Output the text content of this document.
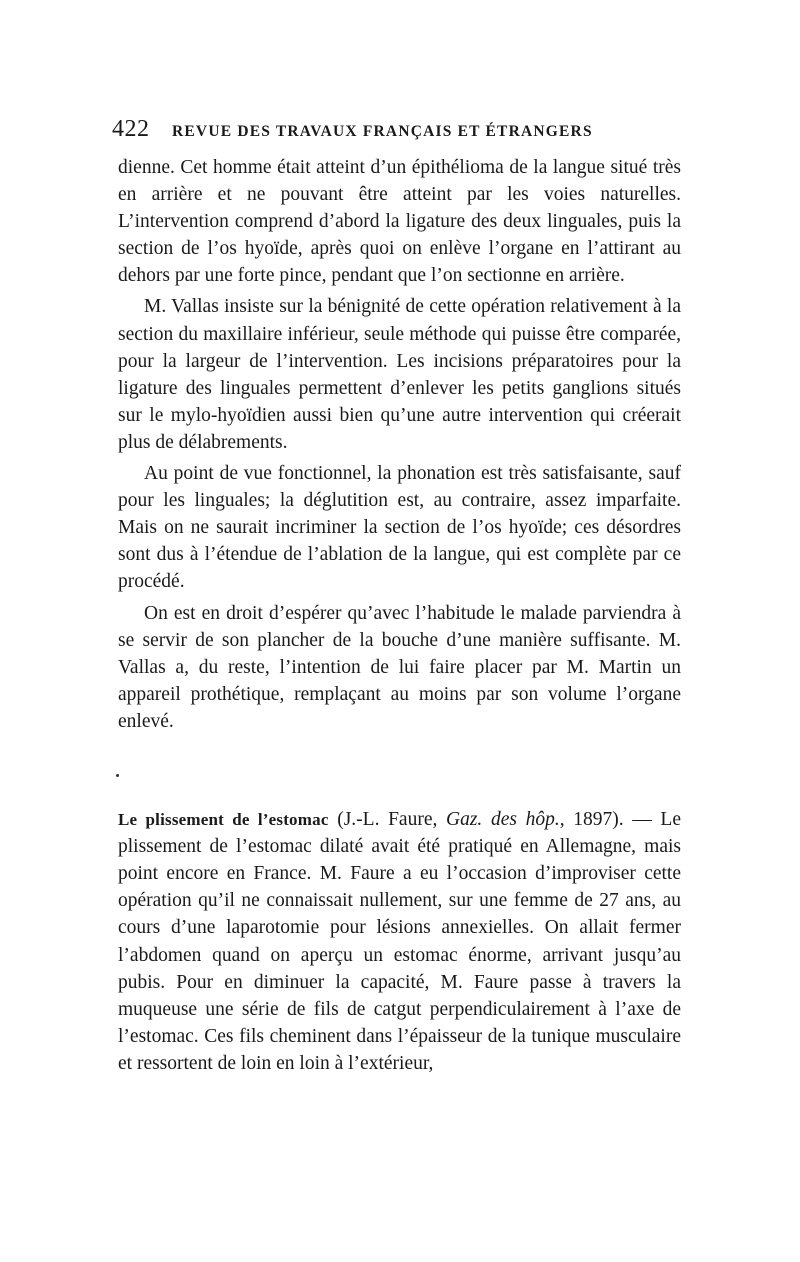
422	REVUE DES TRAVAUX FRANÇAIS ET ÉTRANGERS

dienne. Cet homme était atteint d’un épithélioma de la langue situé très en arrière et ne pouvant être atteint par les voies naturelles. L’intervention comprend d’abord la ligature des deux linguales, puis la section de l’os hyoïde, après quoi on enlève l’organe en l’attirant au dehors par une forte pince, pendant que l’on sectionne en arrière.

M. Vallas insiste sur la bénignité de cette opération relativement à la section du maxillaire inférieur, seule méthode qui puisse être comparée, pour la largeur de l’intervention. Les incisions préparatoires pour la ligature des linguales permettent d’enlever les petits ganglions situés sur le mylo-hyoïdien aussi bien qu’une autre intervention qui créerait plus de délabrements.

Au point de vue fonctionnel, la phonation est très satisfaisante, sauf pour les linguales; la déglutition est, au contraire, assez imparfaite. Mais on ne saurait incriminer la section de l’os hyoïde; ces désordres sont dus à l’étendue de l’ablation de la langue, qui est complète par ce procédé.

On est en droit d’espérer qu’avec l’habitude le malade parviendra à se servir de son plancher de la bouche d’une manière suffisante. M. Vallas a, du reste, l’intention de lui faire placer par M. Martin un appareil prothétique, remplaçant au moins par son volume l’organe enlevé.

Le plissement de l’estomac (J.-L. Faure, Gaz. des hôp., 1897). — Le plissement de l’estomac dilaté avait été pratiqué en Allemagne, mais point encore en France. M. Faure a eu l’occasion d’improviser cette opération qu’il ne connaissait nullement, sur une femme de 27 ans, au cours d’une laparotomie pour lésions annexielles. On allait fermer l’abdomen quand on aperçu un estomac énorme, arrivant jusqu’au pubis. Pour en diminuer la capacité, M. Faure passe à travers la muqueuse une série de fils de catgut perpendiculairement à l’axe de l’estomac. Ces fils cheminent dans l’épaisseur de la tunique musculaire et ressortent de loin en loin à l’extérieur,
